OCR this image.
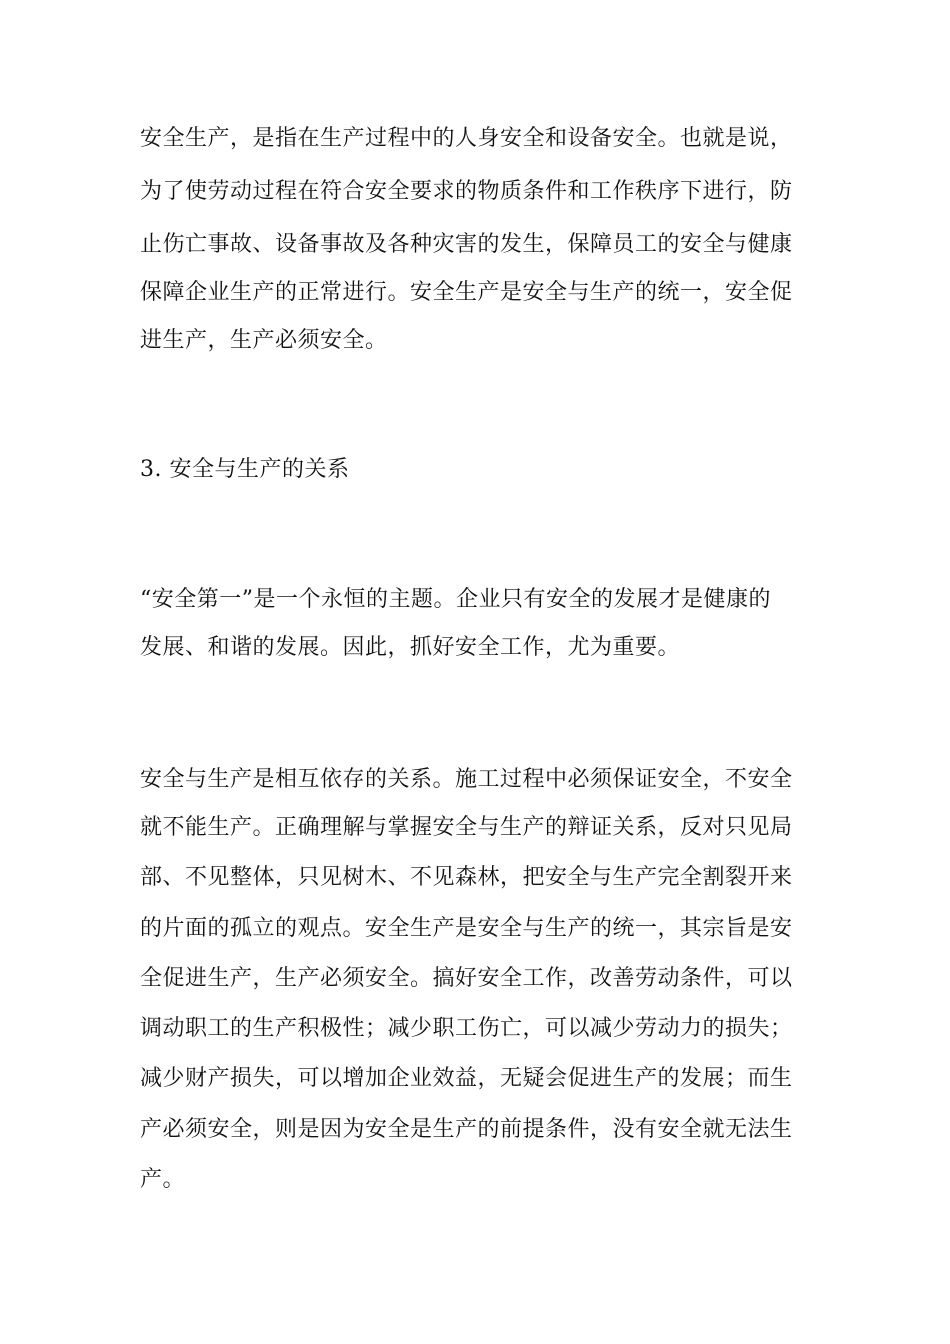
安全生产，是指在生产过程中的人身安全和设备安全。也就是说，
为了使劳动过程在符合安全要求的物质条件和工作秩序下进行，防
止伤亡事故、设备事故及各种灾害的发生，保障员工的安全与健康
保障企业生产的正常进行。安全生产是安全与生产的统一，安全促
进生产，生产必须安全。
3. 安全与生产的关系
“安全第一”是一个永恒的主题。企业只有安全的发展才是健康的
发展、和谐的发展。因此，抓好安全工作，尤为重要。
安全与生产是相互依存的关系。施工过程中必须保证安全，不安全
就不能生产。正确理解与掌握安全与生产的辩证关系，反对只见局
部、不见整体，只见树木、不见森林，把安全与生产完全割裂开来
的片面的孤立的观点。安全生产是安全与生产的统一，其宗旨是安
全促进生产，生产必须安全。搞好安全工作，改善劳动条件，可以
调动职工的生产积极性；减少职工伤亡，可以减少劳动力的损失；
减少财产损失，可以增加企业效益，无疑会促进生产的发展；而生
产必须安全，则是因为安全是生产的前提条件，没有安全就无法生
产。
